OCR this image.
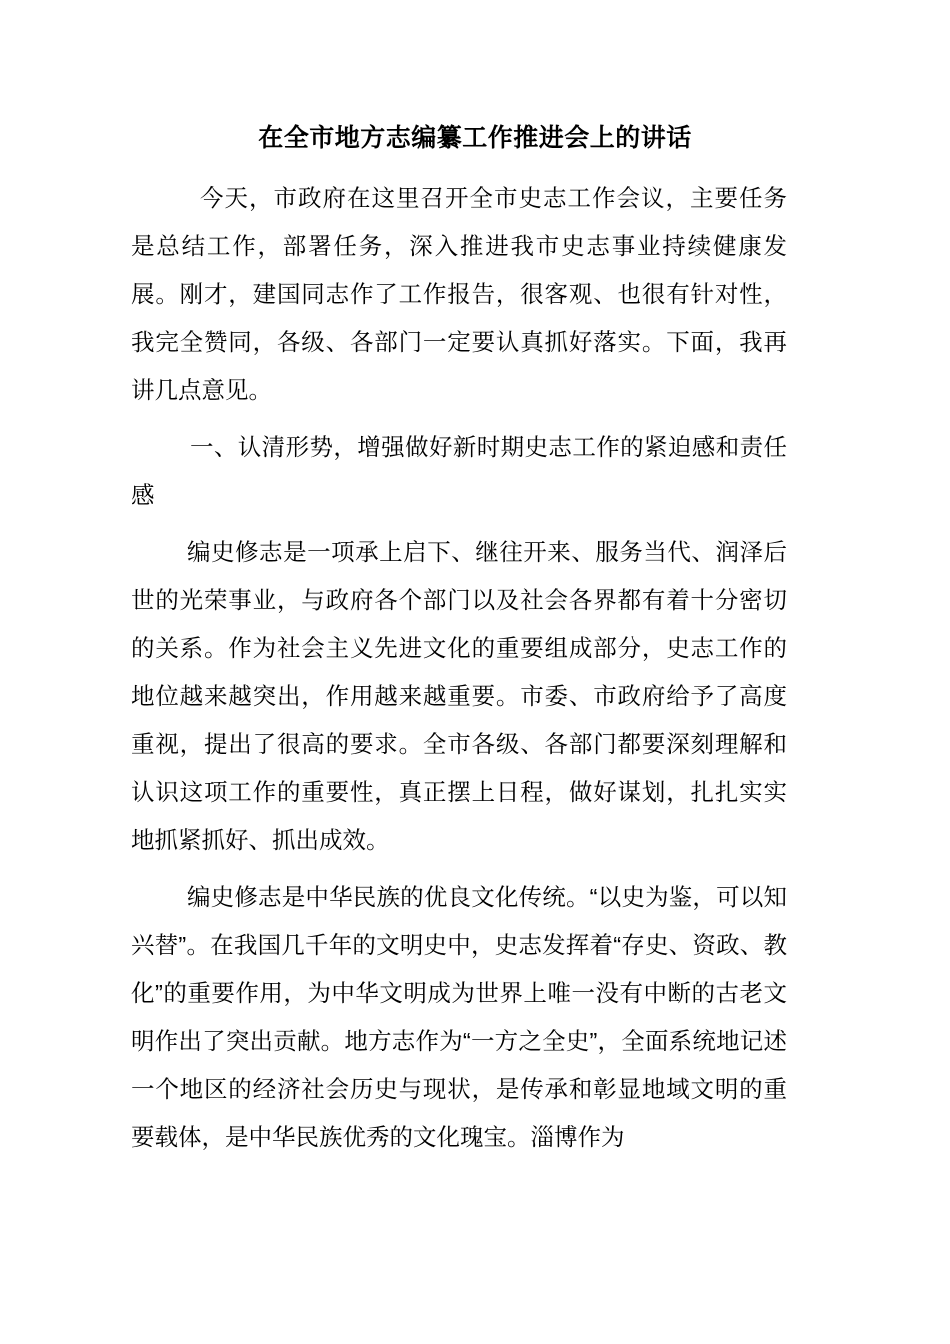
在全市地方志编纂工作推进会上的讲话

今天，市政府在这里召开全市史志工作会议，主要任务是总结工作，部署任务，深入推进我市史志事业持续健康发展。刚才，建国同志作了工作报告，很客观、也很有针对性，我完全赞同，各级、各部门一定要认真抓好落实。下面，我再讲几点意见。

一、认清形势，增强做好新时期史志工作的紧迫感和责任感

编史修志是一项承上启下、继往开来、服务当代、润泽后世的光荣事业，与政府各个部门以及社会各界都有着十分密切的关系。作为社会主义先进文化的重要组成部分，史志工作的地位越来越突出，作用越来越重要。市委、市政府给予了高度重视，提出了很高的要求。全市各级、各部门都要深刻理解和认识这项工作的重要性，真正摆上日程，做好谋划，扎扎实实地抓紧抓好、抓出成效。

编史修志是中华民族的优良文化传统。“以史为鉴，可以知兴替”。在我国几千年的文明史中，史志发挥着“存史、资政、教化”的重要作用，为中华文明成为世界上唯一没有中断的古老文明作出了突出贡献。地方志作为“一方之全史”，全面系统地记述一个地区的经济社会历史与现状，是传承和彰显地域文明的重要载体，是中华民族优秀的文化瑰宝。淄博作为
